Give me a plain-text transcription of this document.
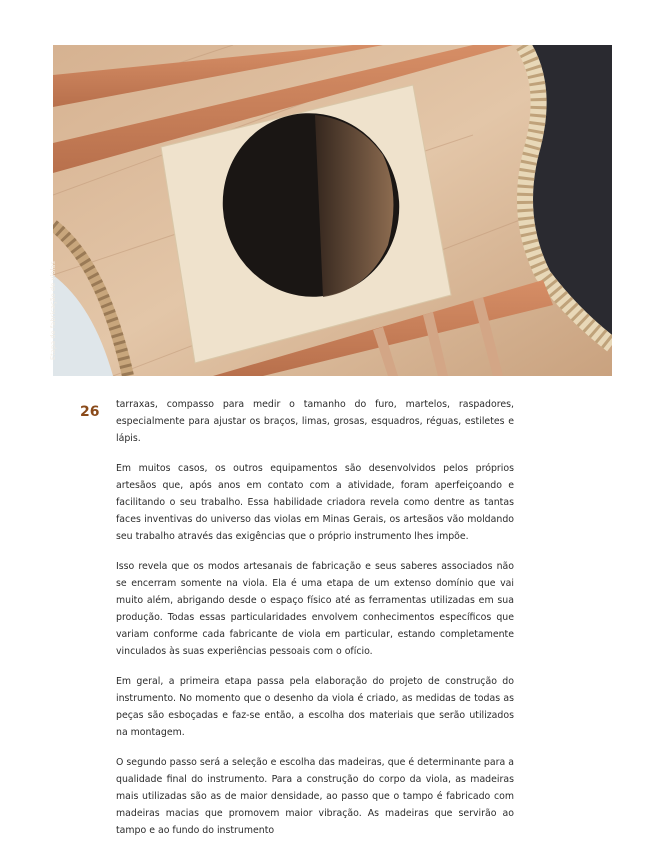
Etapa de fabricação de violas
26 tarraxas, compasso para medir o tamanho do furo, martelos, raspadores, especialmente para ajustar os braços, limas, grosas, esquadros, réguas, estiletes e lápis.

Em muitos casos, os outros equipamentos são desenvolvidos pelos próprios artesãos que, após anos em contato com a atividade, foram aperfeiçoando e facilitando o seu trabalho. Essa habilidade criadora revela como dentre as tantas faces inventivas do universo das violas em Minas Gerais, os artesãos vão moldando seu trabalho através das exigências que o próprio instrumento lhes impõe.

Isso revela que os modos artesanais de fabricação e seus saberes associados não se encerram somente na viola. Ela é uma etapa de um extenso domínio que vai muito além, abrigando desde o espaço físico até as ferramentas utilizadas em sua produção. Todas essas particularidades envolvem conhecimentos específicos que variam conforme cada fabricante de viola em particular, estando completamente vinculados às suas experiências pessoais com o ofício.

Em geral, a primeira etapa passa pela elaboração do projeto de construção do instrumento. No momento que o desenho da viola é criado, as medidas de todas as peças são esboçadas e faz-se então, a escolha dos materiais que serão utilizados na montagem.

O segundo passo será a seleção e escolha das madeiras, que é determinante para a qualidade final do instrumento. Para a construção do corpo da viola, as madeiras mais utilizadas são as de maior densidade, ao passo que o tampo é fabricado com madeiras macias que promovem maior vibração. As madeiras que servirão ao tampo e ao fundo do instrumento
